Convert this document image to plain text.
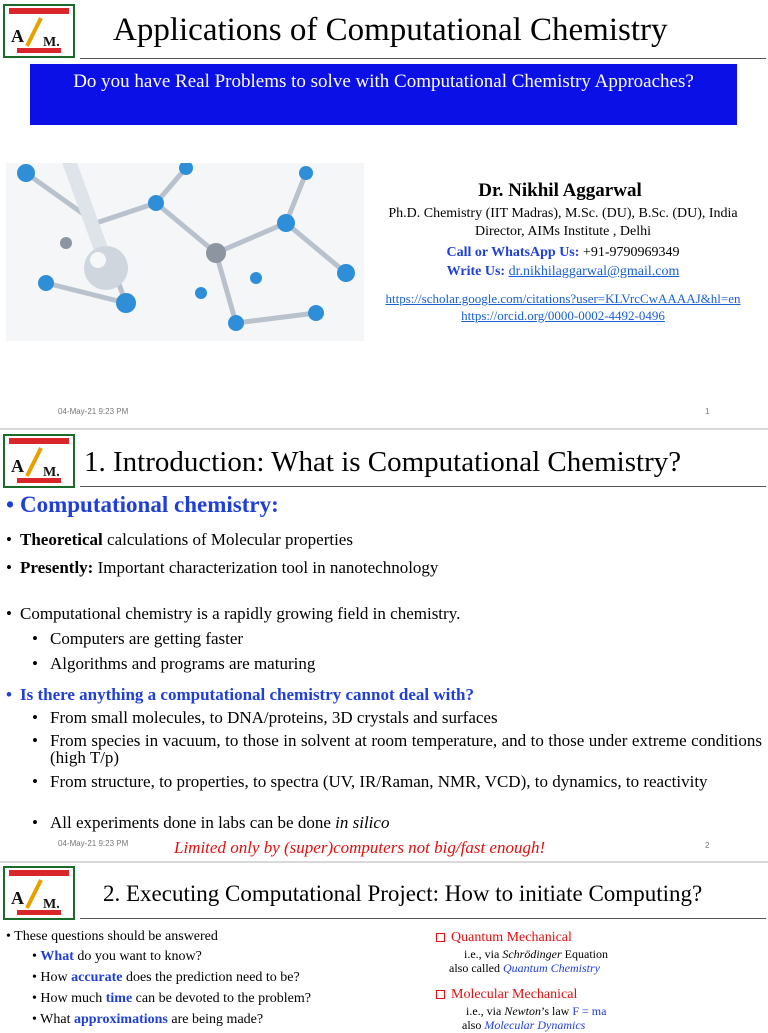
A M. Applications of Computational Chemistry
Do you have Real Problems to solve with Computational Chemistry Approaches?
Dr. Nikhil Aggarwal
Ph.D. Chemistry (IIT Madras), M.Sc. (DU), B.Sc. (DU), India
Director, AIMs Institute , Delhi
Call or WhatsApp Us: +91-9790969349
Write Us: dr.nikhilaggarwal@gmail.com
https://scholar.google.com/citations?user=KLVrcCwAAAAJ&hl=en
https://orcid.org/0000-0002-4492-0496
04-May-21 9:23 PM	1
A M. 1. Introduction: What is Computational Chemistry?
• Computational chemistry:
• Theoretical calculations of Molecular properties
• Presently: Important characterization tool in nanotechnology
• Computational chemistry is a rapidly growing field in chemistry.
• Computers are getting faster
• Algorithms and programs are maturing
• Is there anything a computational chemistry cannot deal with?
• From small molecules, to DNA/proteins, 3D crystals and surfaces
• From species in vacuum, to those in solvent at room temperature, and to those under extreme conditions (high T/p)
• From structure, to properties, to spectra (UV, IR/Raman, NMR, VCD), to dynamics, to reactivity
• All experiments done in labs can be done in silico
04-May-21 9:23 PM	Limited only by (super)computers not big/fast enough!	2
A M. 2. Executing Computational Project: How to initiate Computing?
• These questions should be answered
• What do you want to know?
• How accurate does the prediction need to be?
• How much time can be devoted to the problem?
• What approximations are being made?
Quantum Mechanical
i.e., via Schrödinger Equation
also called Quantum Chemistry
Molecular Mechanical
i.e., via Newton’s law F = ma
also Molecular Dynamics
